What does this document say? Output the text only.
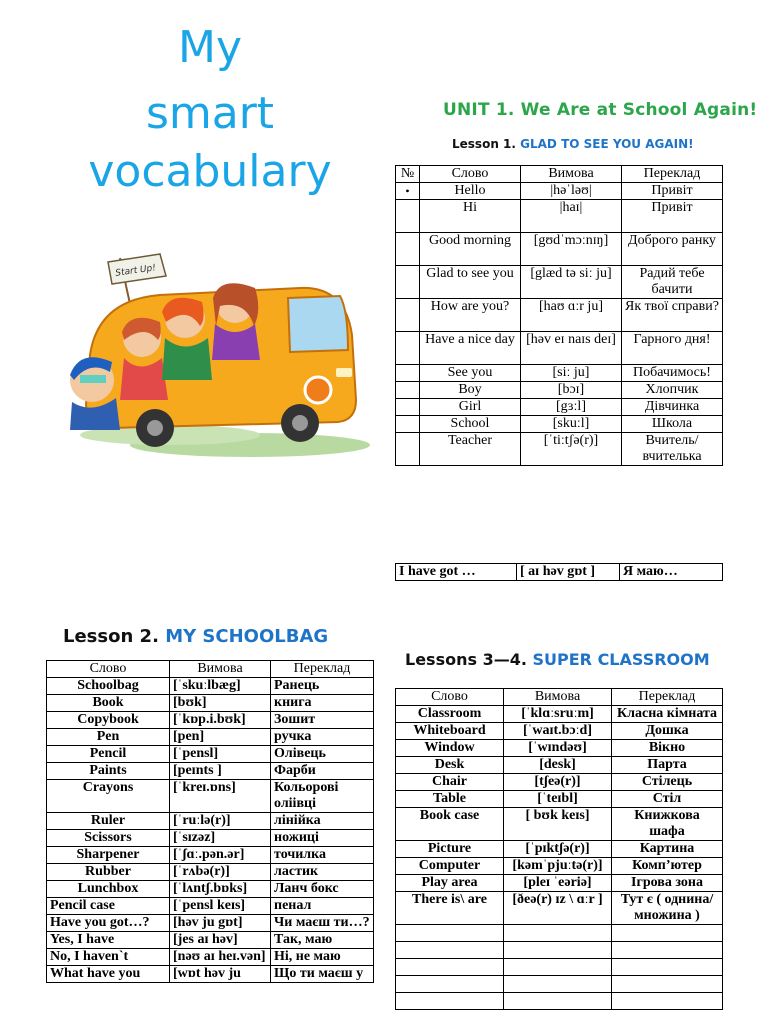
My
smart
vocabulary
Start Up!
UNIT 1. We Are at School Again!
Lesson 1. GLAD TO SEE YOU AGAIN!
№	Слово	Вимова	Переклад
•	Hello	|həˈləʊ|	Привіт
	Hi	|haɪ|	Привіт
	Good morning	[gʊdˈmɔːnɪŋ]	Доброго ранку
	Glad to see you	[glæd tə siː ju]	Радий тебе бачити
	How are you?	[haʊ ɑːr ju]	Як твої справи?
	Have a nice day	[həv eɪ naɪs deɪ]	Гарного дня!
	See you	[siː ju]	Побачимось!
	Boy	[bɔɪ]	Хлопчик
	Girl	[gɜːl]	Дівчинка
	School	[skuːl]	Школа
	Teacher	[ˈtiːtʃə(r)]	Вчитель/ вчителька
I have got …	[ aɪ həv gɒt ]	Я маю…
Lesson 2. MY SCHOOLBAG
Слово	Вимова	Переклад
Schoolbag	[ˈskuːlbæg]	Ранець
Book	[bʊk]	книга
Copybook	[ˈkɒp.i.bʊk]	Зошит
Pen	[pen]	ручка
Pencil	[ˈpensl]	Олівець
Paints	[peɪnts ]	Фарби
Crayons	[ˈkreɪ.ɒns]	Кольорові оліівці
Ruler	[ˈruːlə(r)]	лінійка
Scissors	[ˈsɪzəz]	ножиці
Sharpener	[ˈʃɑː.pən.ər]	точилка
Rubber	[ˈrʌbə(r)]	ластик
Lunchbox	[ˈlʌntʃ.bɒks]	Ланч бокс
Pencil case	[ˈpensl keɪs]	пенал
Have you got…?	[həv ju gɒt]	Чи маєш ти…?
Yes, I have	[jes aɪ həv]	Так, маю
No, I haven`t	[nəʊ aɪ heɪ.vən]	Ні, не маю
What have you	[wɒt həv ju	Що ти маєш у
Lessons 3—4. SUPER CLASSROOM
Слово	Вимова	Переклад
Classroom	[ˈklɑːsruːm]	Класна кімната
Whiteboard	[ˈwaɪt.bɔːd]	Дошка
Window	[ˈwɪndəʊ]	Вікно
Desk	[desk]	Парта
Chair	[tʃeə(r)]	Стілець
Table	[ˈteɪbl]	Стіл
Book case	[ bʊk keɪs]	Книжкова шафа
Picture	[ˈpɪktʃə(r)]	Картина
Computer	[kəmˈpjuːtə(r)]	Комп’ютер
Play area	[pleɪ ˈeəriə]	Ігрова зона
There is\ are	[ðeə(r) ɪz \ ɑːr ]	Тут є ( однина/ множина )
